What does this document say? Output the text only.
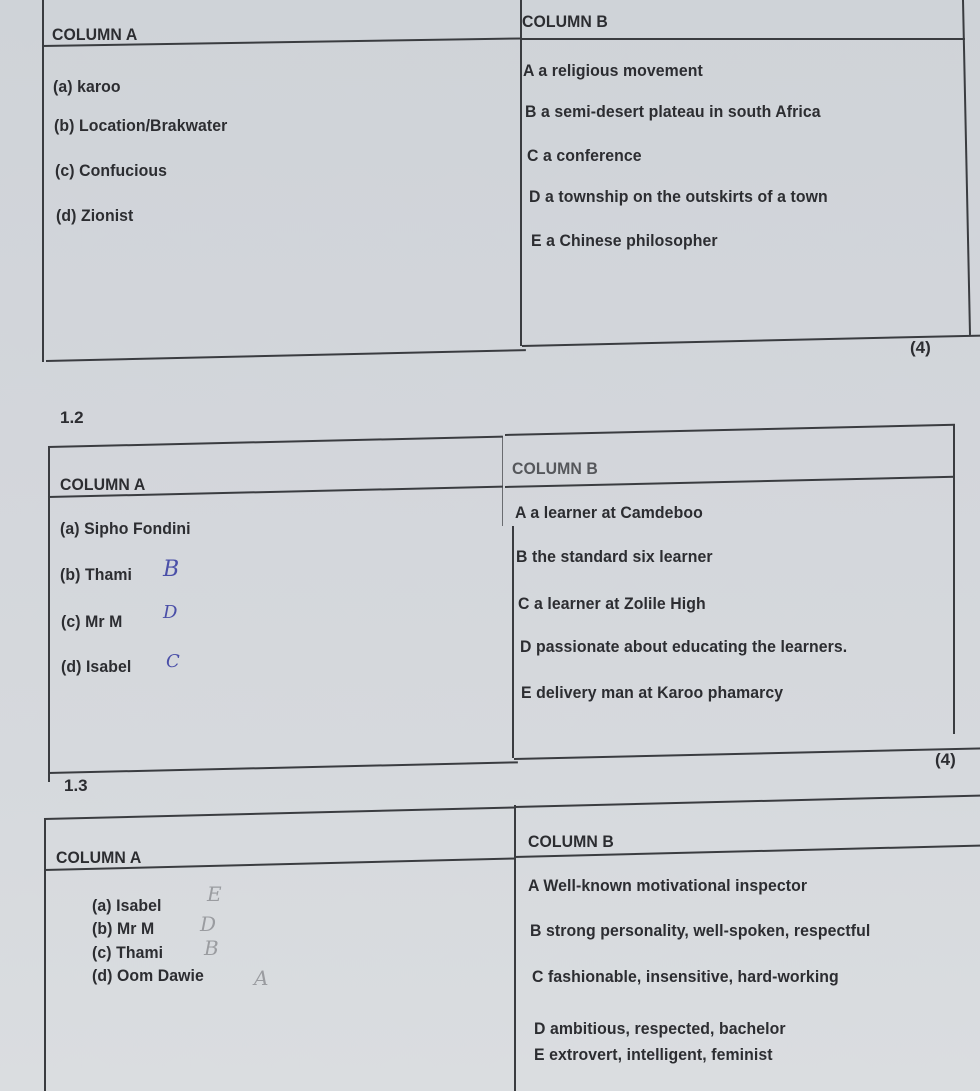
COLUMN A
COLUMN B
(a) karoo
(b) Location/Brakwater
(c) Confucious
(d) Zionist
A a religious movement
B a semi-desert plateau in south Africa
C a conference
D a township on the outskirts of a town
E a Chinese philosopher
(4)
1.2
COLUMN A
COLUMN B
(a) Sipho Fondini
(b) Thami
(c) Mr M
(d) Isabel
B
D
C
A a learner at Camdeboo
B the standard six learner
C a learner at Zolile High
D passionate about educating the learners.
E delivery man at Karoo phamarcy
(4)
1.3
COLUMN A
COLUMN B
(a) Isabel
(b) Mr M
(c) Thami
(d) Oom Dawie
E
D
B
A
A Well-known motivational inspector
B strong personality, well-spoken, respectful
C fashionable, insensitive, hard-working
D ambitious, respected, bachelor
E extrovert, intelligent, feminist
